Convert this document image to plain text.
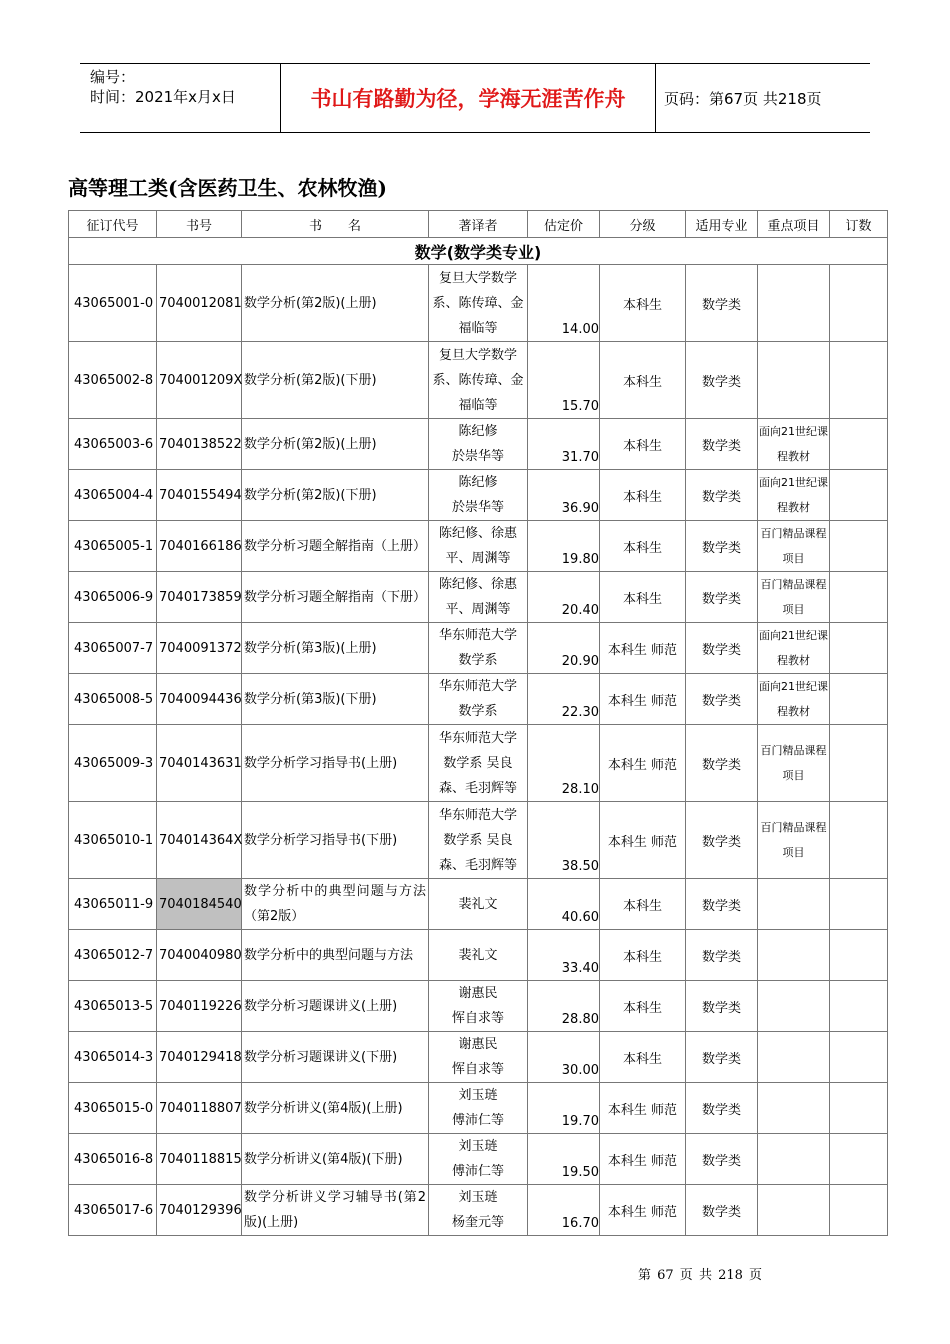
编号：
时间：2021年x月x日	书山有路勤为径，学海无涯苦作舟	页码：第67页 共218页
高等理工类(含医药卫生、农林牧渔)
征订代号	书号	书　　名	著译者	估定价	分级	适用专业	重点项目	订数
数学(数学类专业)								
43065001-0	7040012081	数学分析(第2版)(上册)	复旦大学数学系、陈传璋、金福临等	14.00	本科生	数学类		
43065002-8	704001209X	数学分析(第2版)(下册)	复旦大学数学系、陈传璋、金福临等	15.70	本科生	数学类		
43065003-6	7040138522	数学分析(第2版)(上册)	陈纪修
於崇华等	31.70	本科生	数学类	面向21世纪课程教材	
43065004-4	7040155494	数学分析(第2版)(下册)	陈纪修
於崇华等	36.90	本科生	数学类	面向21世纪课程教材	
43065005-1	7040166186	数学分析习题全解指南（上册）	陈纪修、徐惠平、周渊等	19.80	本科生	数学类	百门精品课程项目	
43065006-9	7040173859	数学分析习题全解指南（下册）	陈纪修、徐惠平、周渊等	20.40	本科生	数学类	百门精品课程项目	
43065007-7	7040091372	数学分析(第3版)(上册)	华东师范大学
数学系	20.90	本科生 师范	数学类	面向21世纪课程教材	
43065008-5	7040094436	数学分析(第3版)(下册)	华东师范大学
数学系	22.30	本科生 师范	数学类	面向21世纪课程教材	
43065009-3	7040143631	数学分析学习指导书(上册)	华东师范大学
数学系 吴良森、毛羽辉等	28.10	本科生 师范	数学类	百门精品课程项目	
43065010-1	704014364X	数学分析学习指导书(下册)	华东师范大学
数学系 吴良森、毛羽辉等	38.50	本科生 师范	数学类	百门精品课程项目	
43065011-9	7040184540	数学分析中的典型问题与方法（第2版）	裴礼文	40.60	本科生	数学类		
43065012-7	7040040980	数学分析中的典型问题与方法	裴礼文	33.40	本科生	数学类		
43065013-5	7040119226	数学分析习题课讲义(上册)	谢惠民
恽自求等	28.80	本科生	数学类		
43065014-3	7040129418	数学分析习题课讲义(下册)	谢惠民
恽自求等	30.00	本科生	数学类		
43065015-0	7040118807	数学分析讲义(第4版)(上册)	刘玉琏
傅沛仁等	19.70	本科生 师范	数学类		
43065016-8	7040118815	数学分析讲义(第4版)(下册)	刘玉琏
傅沛仁等	19.50	本科生 师范	数学类		
43065017-6	7040129396	数学分析讲义学习辅导书(第2版)(上册)	刘玉琏
杨奎元等	16.70	本科生 师范	数学类		
第 67 页 共 218 页
